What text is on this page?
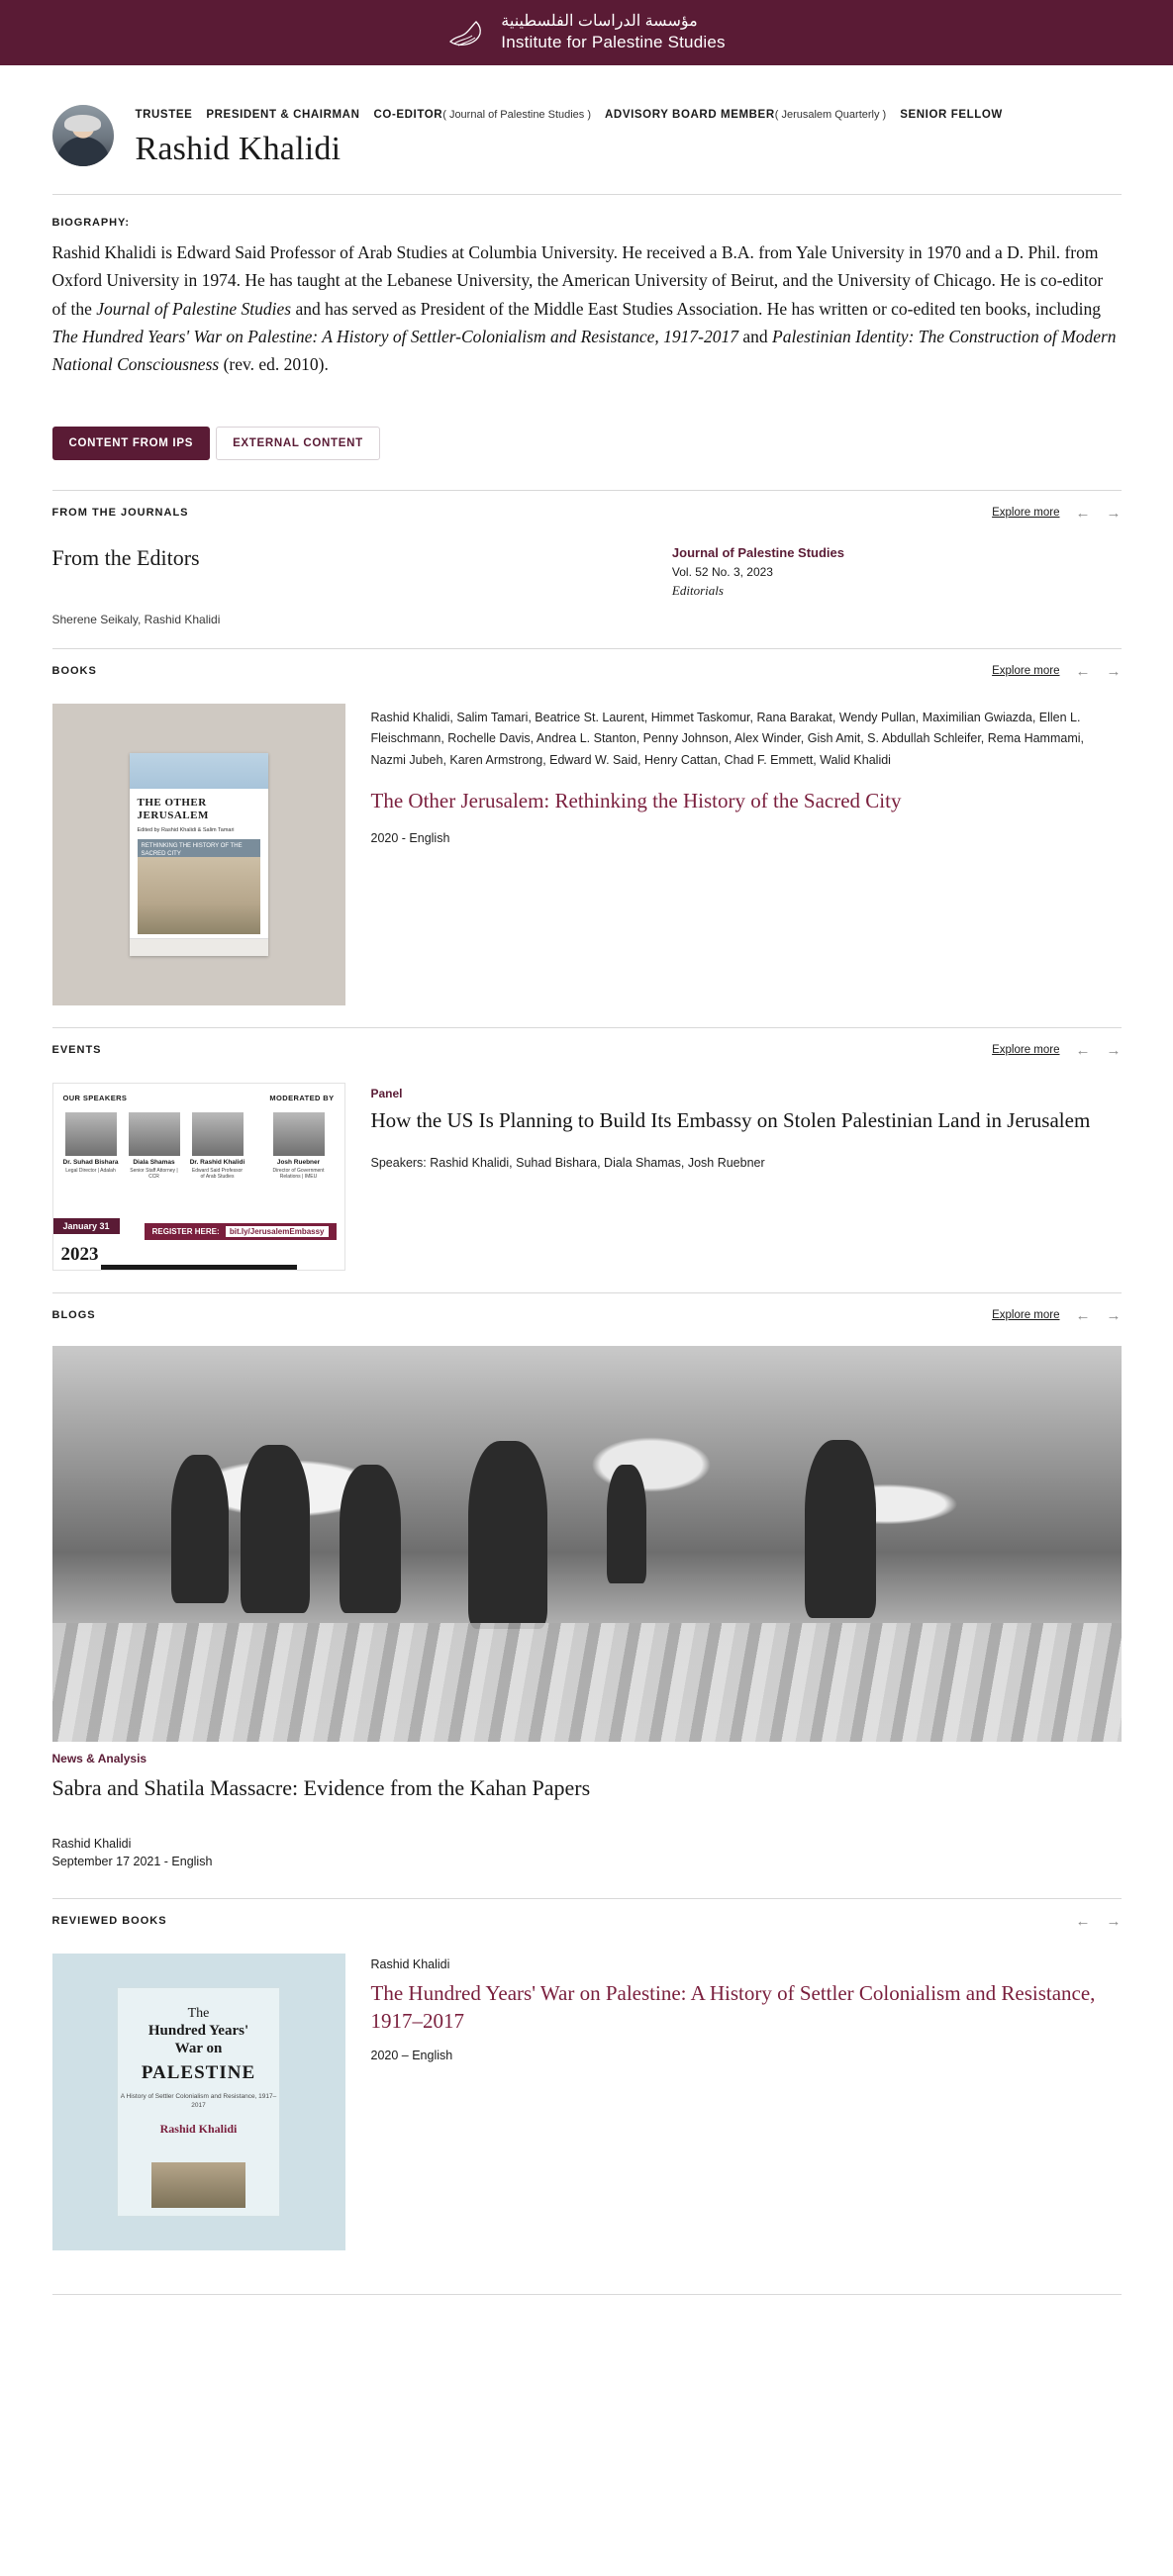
مؤسسة الدراسات الفلسطينية
Institute for Palestine Studies
TRUSTEE PRESIDENT & CHAIRMAN CO-EDITOR( Journal of Palestine Studies ) ADVISORY BOARD MEMBER( Jerusalem Quarterly ) SENIOR FELLOW
Rashid Khalidi
BIOGRAPHY:
Rashid Khalidi is Edward Said Professor of Arab Studies at Columbia University. He received a B.A. from Yale University in 1970 and a D. Phil. from Oxford University in 1974. He has taught at the Lebanese University, the American University of Beirut, and the University of Chicago. He is co-editor of the Journal of Palestine Studies and has served as President of the Middle East Studies Association. He has written or co-edited ten books, including The Hundred Years' War on Palestine: A History of Settler-Colonialism and Resistance, 1917-2017 and Palestinian Identity: The Construction of Modern National Consciousness (rev. ed. 2010).
CONTENT FROM IPS	EXTERNAL CONTENT
FROM THE JOURNALS	Explore more ← →
From the Editors
Sherene Seikaly, Rashid Khalidi
Journal of Palestine Studies
Vol. 52 No. 3, 2023
Editorials
BOOKS	Explore more ← →
THE OTHER JERUSALEM
Edited by Rashid Khalidi & Salim Tamari
RETHINKING THE HISTORY OF THE SACRED CITY
Rashid Khalidi, Salim Tamari, Beatrice St. Laurent, Himmet Taskomur, Rana Barakat, Wendy Pullan, Maximilian Gwiazda, Ellen L. Fleischmann, Rochelle Davis, Andrea L. Stanton, Penny Johnson, Alex Winder, Gish Amit, S. Abdullah Schleifer, Rema Hammami, Nazmi Jubeh, Karen Armstrong, Edward W. Said, Henry Cattan, Chad F. Emmett, Walid Khalidi
The Other Jerusalem: Rethinking the History of the Sacred City
2020 - English
EVENTS	Explore more ← →
OUR SPEAKERS	MODERATED BY
Dr. Suhad Bishara
Legal Director | Adalah
Diala Shamas
Senior Staff Attorney | CCR
Dr. Rashid Khalidi
Edward Said Professor of Arab Studies
Josh Ruebner
Director of Government Relations | IMEU
January 31
2023
REGISTER HERE: bit.ly/JerusalemEmbassy
Panel
How the US Is Planning to Build Its Embassy on Stolen Palestinian Land in Jerusalem
Speakers: Rashid Khalidi, Suhad Bishara, Diala Shamas, Josh Ruebner
BLOGS	Explore more ← →
News & Analysis
Sabra and Shatila Massacre: Evidence from the Kahan Papers
Rashid Khalidi
September 17 2021 - English
REVIEWED BOOKS	← →
The
Hundred Years'
War on
PALESTINE
A History of Settler Colonialism and Resistance, 1917–2017
Rashid Khalidi
Rashid Khalidi
The Hundred Years' War on Palestine: A History of Settler Colonialism and Resistance, 1917–2017
2020 – English
